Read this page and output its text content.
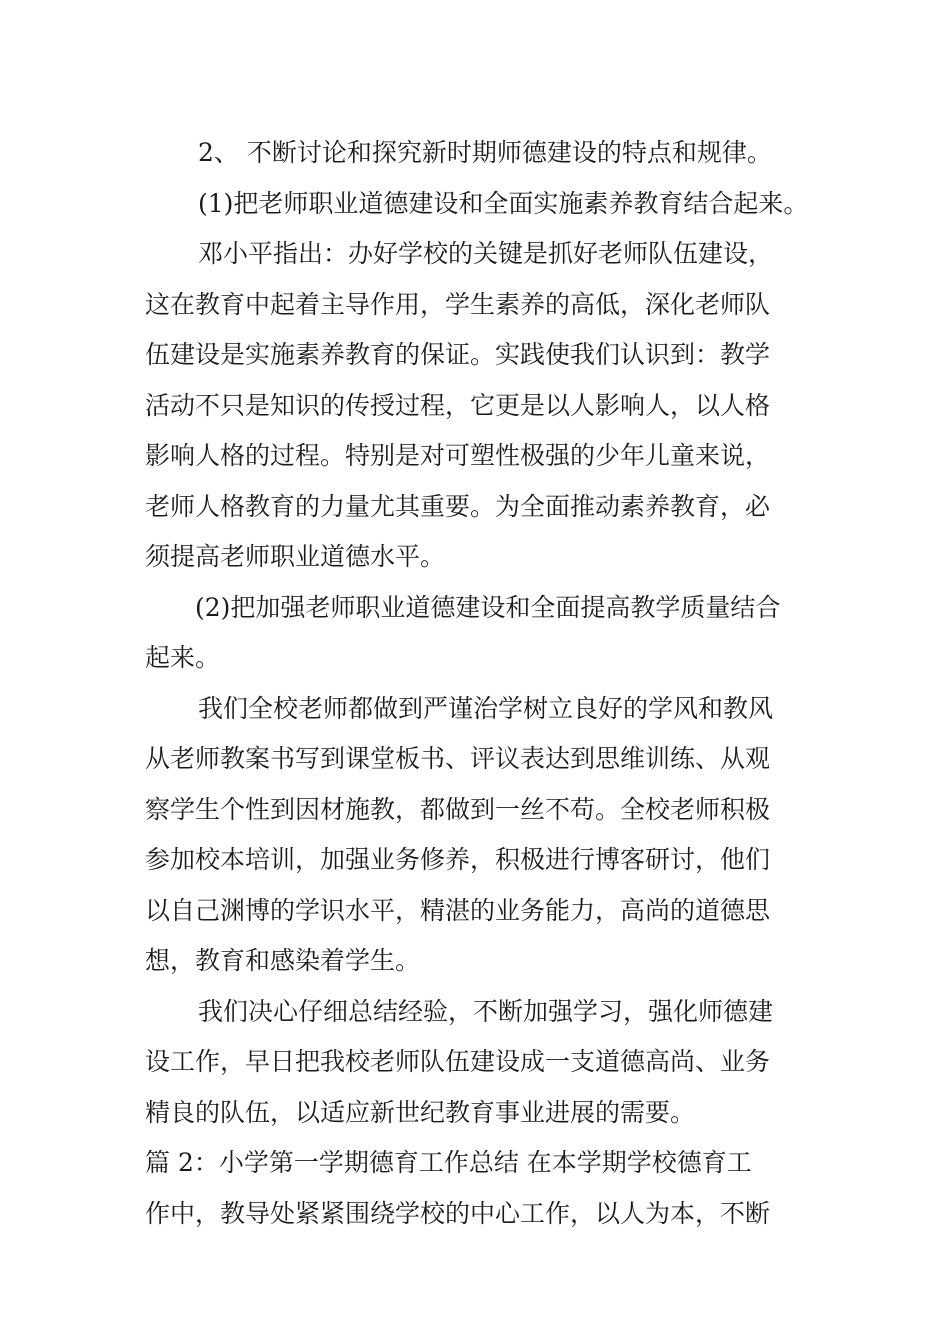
2、 不断讨论和探究新时期师德建设的特点和规律。
(1)把老师职业道德建设和全面实施素养教育结合起来。
邓小平指出：办好学校的关键是抓好老师队伍建设，
这在教育中起着主导作用，学生素养的高低，深化老师队
伍建设是实施素养教育的保证。实践使我们认识到：教学
活动不只是知识的传授过程，它更是以人影响人，以人格
影响人格的过程。特别是对可塑性极强的少年儿童来说，
老师人格教育的力量尤其重要。为全面推动素养教育，必
须提高老师职业道德水平。
(2)把加强老师职业道德建设和全面提高教学质量结合
起来。
我们全校老师都做到严谨治学树立良好的学风和教风
从老师教案书写到课堂板书、评议表达到思维训练、从观
察学生个性到因材施教，都做到一丝不苟。全校老师积极
参加校本培训，加强业务修养，积极进行博客研讨，他们
以自己渊博的学识水平，精湛的业务能力，高尚的道德思
想，教育和感染着学生。
我们决心仔细总结经验，不断加强学习，强化师德建
设工作，早日把我校老师队伍建设成一支道德高尚、业务
精良的队伍，以适应新世纪教育事业进展的需要。
篇 2：小学第一学期德育工作总结 在本学期学校德育工
作中，教导处紧紧围绕学校的中心工作，以人为本，不断
